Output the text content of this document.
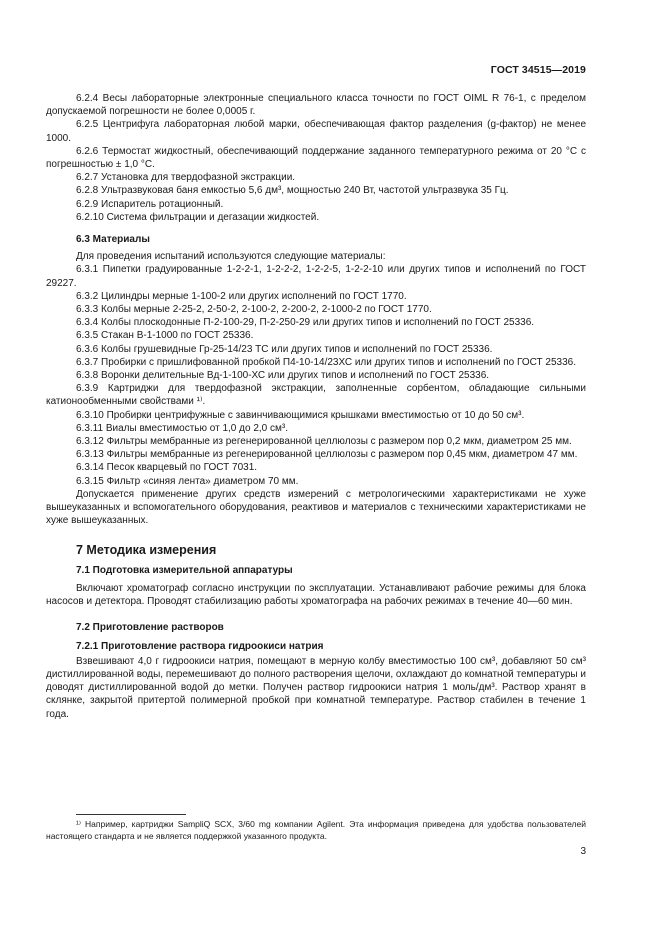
ГОСТ 34515—2019

6.2.4 Весы лабораторные электронные специального класса точности по ГОСТ OIML R 76-1, с пределом допускаемой погрешности не более 0,0005 г.

6.2.5 Центрифуга лабораторная любой марки, обеспечивающая фактор разделения (g-фактор) не менее 1000.

6.2.6 Термостат жидкостный, обеспечивающий поддержание заданного температурного режима от 20 °С с погрешностью ± 1,0 °С.

6.2.7 Установка для твердофазной экстракции.

6.2.8 Ультразвуковая баня емкостью 5,6 дм³, мощностью 240 Вт, частотой ультразвука 35 Гц.

6.2.9 Испаритель ротационный.

6.2.10 Система фильтрации и дегазации жидкостей.

6.3 Материалы

Для проведения испытаний используются следующие материалы:

6.3.1 Пипетки градуированные 1-2-2-1, 1-2-2-2, 1-2-2-5, 1-2-2-10 или других типов и исполнений по ГОСТ 29227.

6.3.2 Цилиндры мерные 1-100-2 или других исполнений по ГОСТ 1770.

6.3.3 Колбы мерные 2-25-2, 2-50-2, 2-100-2, 2-200-2, 2-1000-2 по ГОСТ 1770.

6.3.4 Колбы плоскодонные П-2-100-29, П-2-250-29 или других типов и исполнений по ГОСТ 25336.

6.3.5 Стакан В-1-1000 по ГОСТ 25336.

6.3.6 Колбы грушевидные Гр-25-14/23 ТС или других типов и исполнений по ГОСТ 25336.

6.3.7 Пробирки с пришлифованной пробкой П4-10-14/23ХС или других типов и исполнений по ГОСТ 25336.

6.3.8 Воронки делительные Вд-1-100-ХС или других типов и исполнений по ГОСТ 25336.

6.3.9 Картриджи для твердофазной экстракции, заполненные сорбентом, обладающие сильными катионообменными свойствами ¹⁾.

6.3.10 Пробирки центрифужные с завинчивающимися крышками вместимостью от 10 до 50 см³.

6.3.11 Виалы вместимостью от 1,0 до 2,0 см³.

6.3.12 Фильтры мембранные из регенерированной целлюлозы с размером пор 0,2 мкм, диаметром 25 мм.

6.3.13 Фильтры мембранные из регенерированной целлюлозы с размером пор 0,45 мкм, диаметром 47 мм.

6.3.14 Песок кварцевый по ГОСТ 7031.

6.3.15 Фильтр «синяя лента» диаметром 70 мм.

Допускается применение других средств измерений с метрологическими характеристиками не хуже вышеуказанных и вспомогательного оборудования, реактивов и материалов с техническими характеристиками не хуже вышеуказанных.

7 Методика измерения
7.1 Подготовка измерительной аппаратуры

Включают хроматограф согласно инструкции по эксплуатации. Устанавливают рабочие режимы для блока насосов и детектора. Проводят стабилизацию работы хроматографа на рабочих режимах в течение 40—60 мин.

7.2 Приготовление растворов
7.2.1 Приготовление раствора гидроокиси натрия

Взвешивают 4,0 г гидроокиси натрия, помещают в мерную колбу вместимостью 100 см³, добавляют 50 см³ дистиллированной воды, перемешивают до полного растворения щелочи, охлаждают до комнатной температуры и доводят дистиллированной водой до метки. Получен раствор гидроокиси натрия 1 моль/дм³. Раствор хранят в склянке, закрытой притертой полимерной пробкой при комнатной температуре. Раствор стабилен в течение 1 года.

¹⁾ Например, картриджи SampliQ SCX, 3/60 mg компании Agilent. Эта информация приведена для удобства пользователей настоящего стандарта и не является поддержкой указанного продукта.
3
